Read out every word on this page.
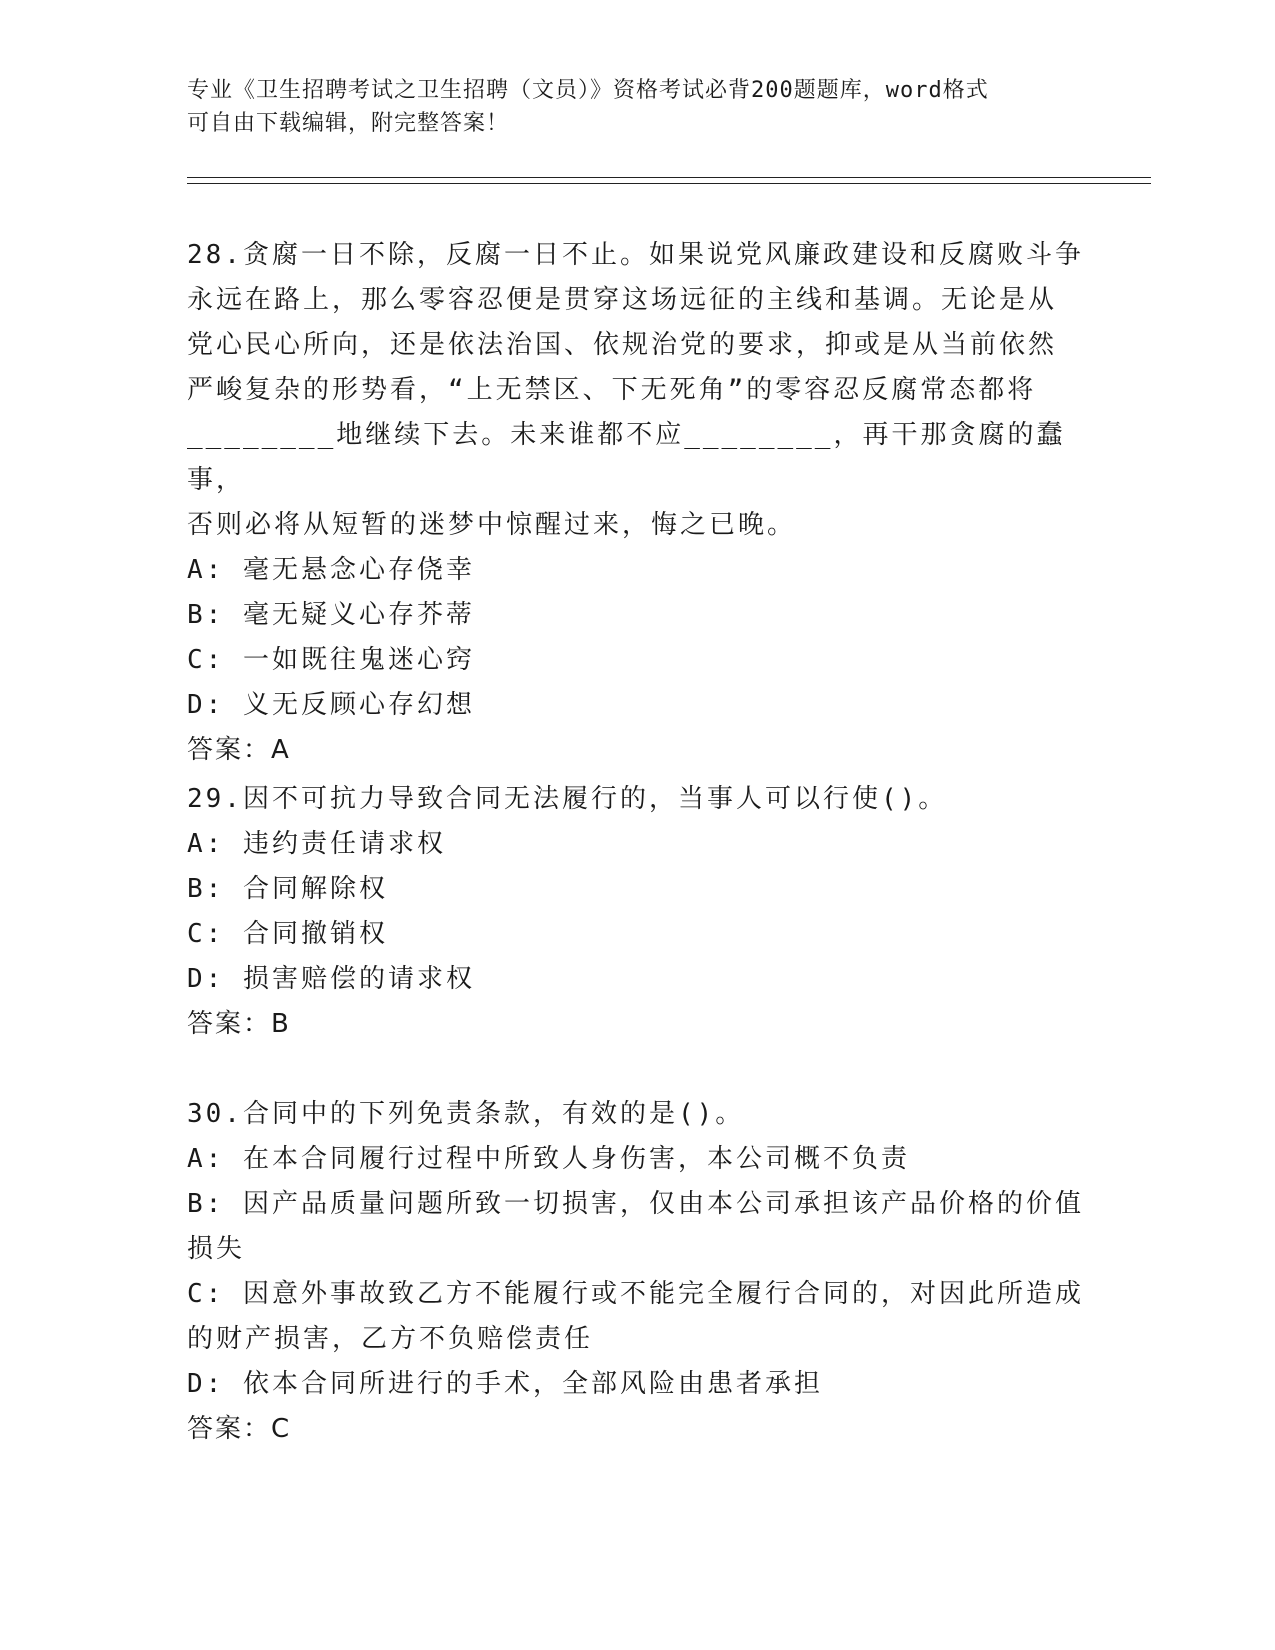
专业《卫生招聘考试之卫生招聘（文员）》资格考试必背200题题库，word格式
可自由下载编辑，附完整答案！
28.贪腐一日不除，反腐一日不止。如果说党风廉政建设和反腐败斗争
永远在路上，那么零容忍便是贯穿这场远征的主线和基调。无论是从
党心民心所向，还是依法治国、依规治党的要求，抑或是从当前依然
严峻复杂的形势看，“上无禁区、下无死角”的零容忍反腐常态都将
________地继续下去。未来谁都不应________，再干那贪腐的蠢事，
否则必将从短暂的迷梦中惊醒过来，悔之已晚。
A: 毫无悬念心存侥幸
B: 毫无疑义心存芥蒂
C: 一如既往鬼迷心窍
D: 义无反顾心存幻想
答案：A
29.因不可抗力导致合同无法履行的，当事人可以行使()。
A: 违约责任请求权
B: 合同解除权
C: 合同撤销权
D: 损害赔偿的请求权
答案：B
30.合同中的下列免责条款，有效的是()。
A: 在本合同履行过程中所致人身伤害，本公司概不负责
B: 因产品质量问题所致一切损害，仅由本公司承担该产品价格的价值损失
C: 因意外事故致乙方不能履行或不能完全履行合同的，对因此所造成的财产损害，乙方不负赔偿责任
D: 依本合同所进行的手术，全部风险由患者承担
答案：C
